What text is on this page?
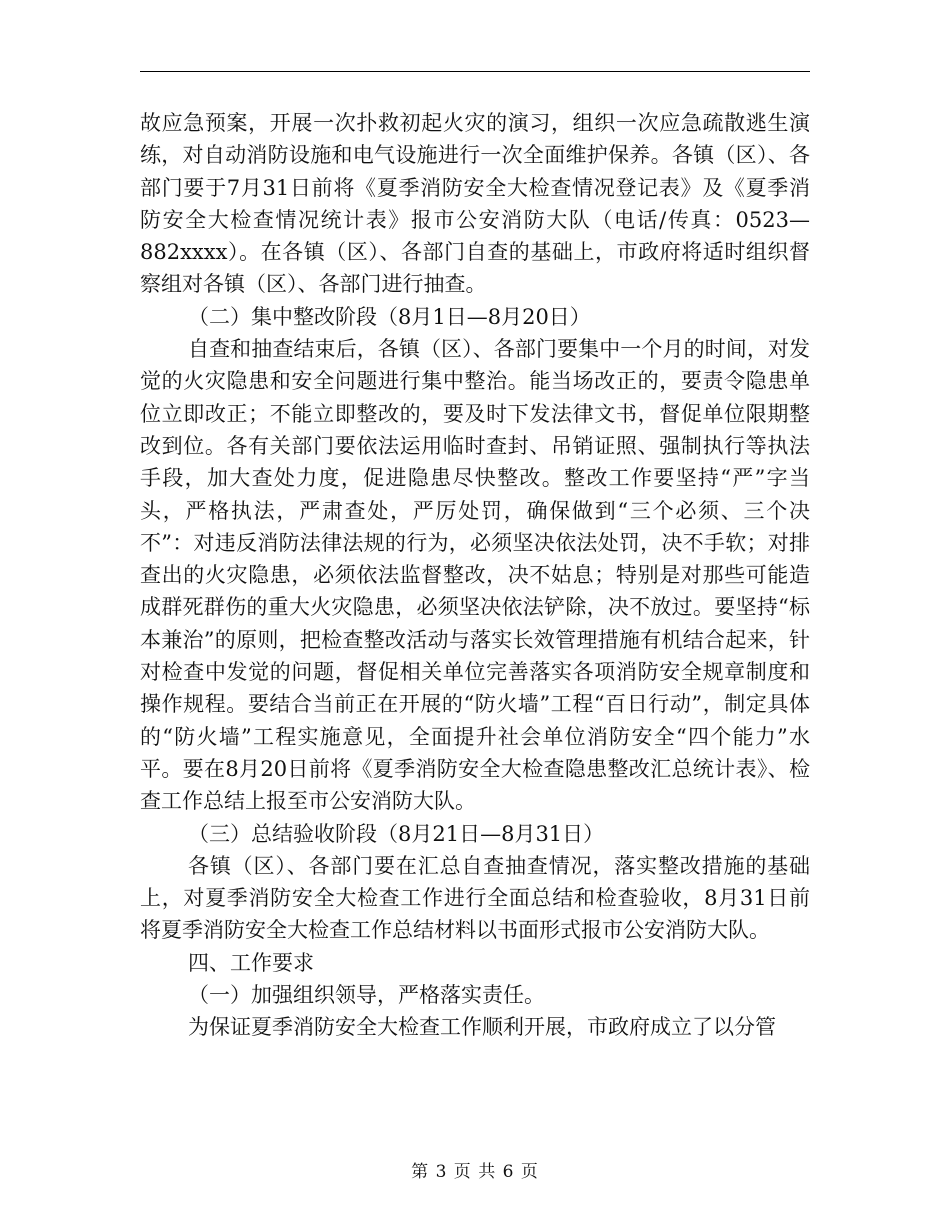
故应急预案，开展一次扑救初起火灾的演习，组织一次应急疏散逃生演练，对自动消防设施和电气设施进行一次全面维护保养。各镇（区）、各部门要于7月31日前将《夏季消防安全大检查情况登记表》及《夏季消防安全大检查情况统计表》报市公安消防大队（电话/传真：0523—882xxxx）。在各镇（区）、各部门自查的基础上，市政府将适时组织督察组对各镇（区）、各部门进行抽查。

（二）集中整改阶段（8月1日—8月20日）

自查和抽查结束后，各镇（区）、各部门要集中一个月的时间，对发觉的火灾隐患和安全问题进行集中整治。能当场改正的，要责令隐患单位立即改正；不能立即整改的，要及时下发法律文书，督促单位限期整改到位。各有关部门要依法运用临时查封、吊销证照、强制执行等执法手段，加大查处力度，促进隐患尽快整改。整改工作要坚持“严”字当头，严格执法，严肃查处，严厉处罚，确保做到“三个必须、三个决不”：对违反消防法律法规的行为，必须坚决依法处罚，决不手软；对排查出的火灾隐患，必须依法监督整改，决不姑息；特别是对那些可能造成群死群伤的重大火灾隐患，必须坚决依法铲除，决不放过。要坚持“标本兼治”的原则，把检查整改活动与落实长效管理措施有机结合起来，针对检查中发觉的问题，督促相关单位完善落实各项消防安全规章制度和操作规程。要结合当前正在开展的“防火墙”工程“百日行动”，制定具体的“防火墙”工程实施意见，全面提升社会单位消防安全“四个能力”水平。要在8月20日前将《夏季消防安全大检查隐患整改汇总统计表》、检查工作总结上报至市公安消防大队。

（三）总结验收阶段（8月21日—8月31日）

各镇（区）、各部门要在汇总自查抽查情况，落实整改措施的基础上，对夏季消防安全大检查工作进行全面总结和检查验收，8月31日前将夏季消防安全大检查工作总结材料以书面形式报市公安消防大队。

四、工作要求

（一）加强组织领导，严格落实责任。

为保证夏季消防安全大检查工作顺利开展，市政府成立了以分管

第 3 页 共 6 页
